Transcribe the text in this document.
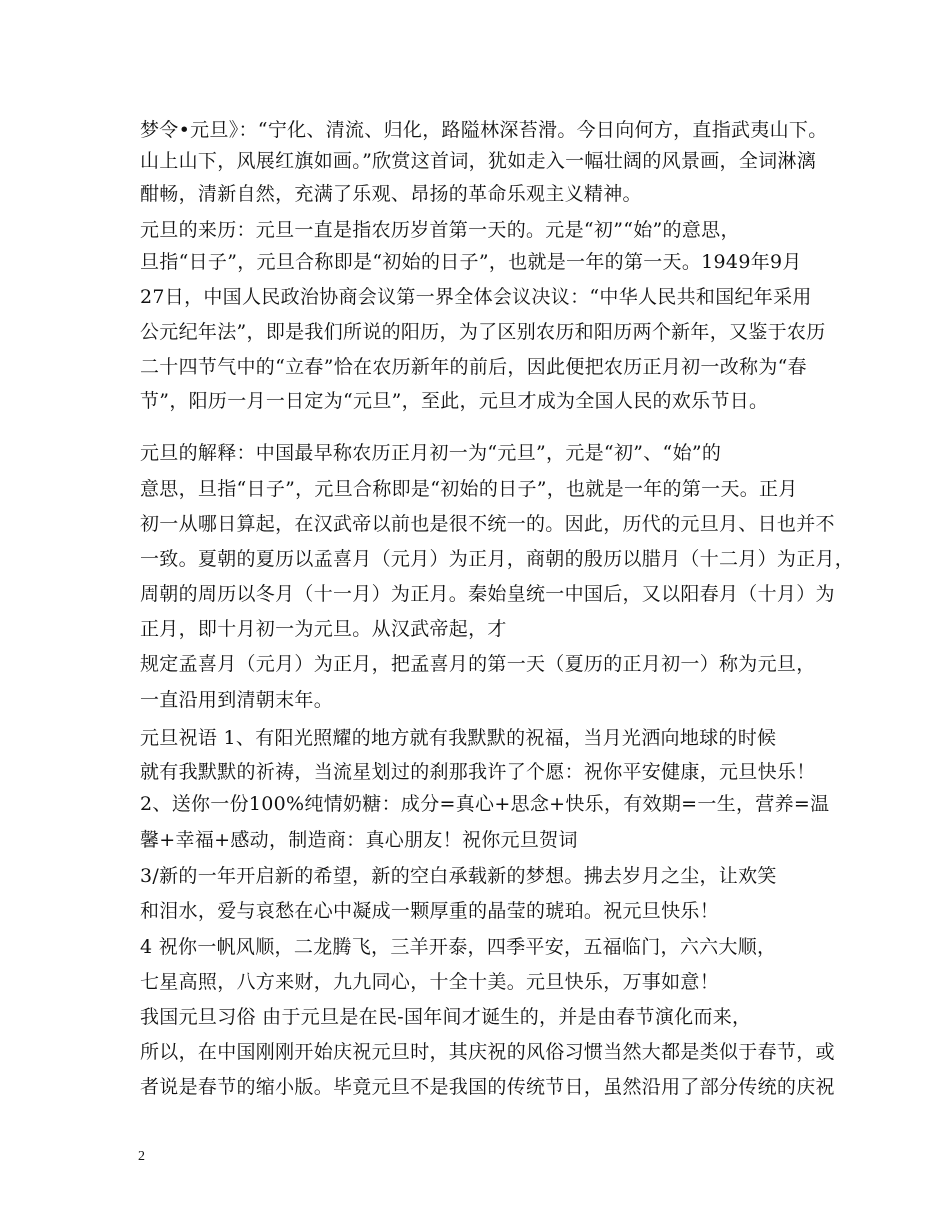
梦令•元旦》：“宁化、清流、归化，路隘林深苔滑。今日向何方，直指武夷山下。
山上山下，风展红旗如画。”欣赏这首词，犹如走入一幅壮阔的风景画，全词淋漓
酣畅，清新自然，充满了乐观、昂扬的革命乐观主义精神。
元旦的来历：元旦一直是指农历岁首第一天的。元是“初”“始”的意思，
旦指“日子”，元旦合称即是“初始的日子”，也就是一年的第一天。1949年9月
27日，中国人民政治协商会议第一界全体会议决议：“中华人民共和国纪年采用
公元纪年法”，即是我们所说的阳历，为了区别农历和阳历两个新年，又鉴于农历
二十四节气中的“立春”恰在农历新年的前后，因此便把农历正月初一改称为“春
节”，阳历一月一日定为“元旦”，至此，元旦才成为全国人民的欢乐节日。
元旦的解释：中国最早称农历正月初一为“元旦”，元是“初”、“始”的
意思，旦指“日子”，元旦合称即是“初始的日子”，也就是一年的第一天。正月
初一从哪日算起，在汉武帝以前也是很不统一的。因此，历代的元旦月、日也并不
一致。夏朝的夏历以孟喜月（元月）为正月，商朝的殷历以腊月（十二月）为正月，
周朝的周历以冬月（十一月）为正月。秦始皇统一中国后，又以阳春月（十月）为
正月，即十月初一为元旦。从汉武帝起，才
规定孟喜月（元月）为正月，把孟喜月的第一天（夏历的正月初一）称为元旦，
一直沿用到清朝末年。
元旦祝语 1、有阳光照耀的地方就有我默默的祝福，当月光洒向地球的时候
就有我默默的祈祷，当流星划过的刹那我许了个愿：祝你平安健康，元旦快乐！
2、送你一份100%纯情奶糖：成分=真心+思念+快乐，有效期=一生，营养=温
馨+幸福+感动，制造商：真心朋友！祝你元旦贺词
3/新的一年开启新的希望，新的空白承载新的梦想。拂去岁月之尘，让欢笑
和泪水，爱与哀愁在心中凝成一颗厚重的晶莹的琥珀。祝元旦快乐！
4 祝你一帆风顺，二龙腾飞，三羊开泰，四季平安，五福临门，六六大顺，
七星高照，八方来财，九九同心，十全十美。元旦快乐，万事如意！
我国元旦习俗 由于元旦是在民-国年间才诞生的，并是由春节演化而来，
所以，在中国刚刚开始庆祝元旦时，其庆祝的风俗习惯当然大都是类似于春节，或
者说是春节的缩小版。毕竟元旦不是我国的传统节日，虽然沿用了部分传统的庆祝
2
